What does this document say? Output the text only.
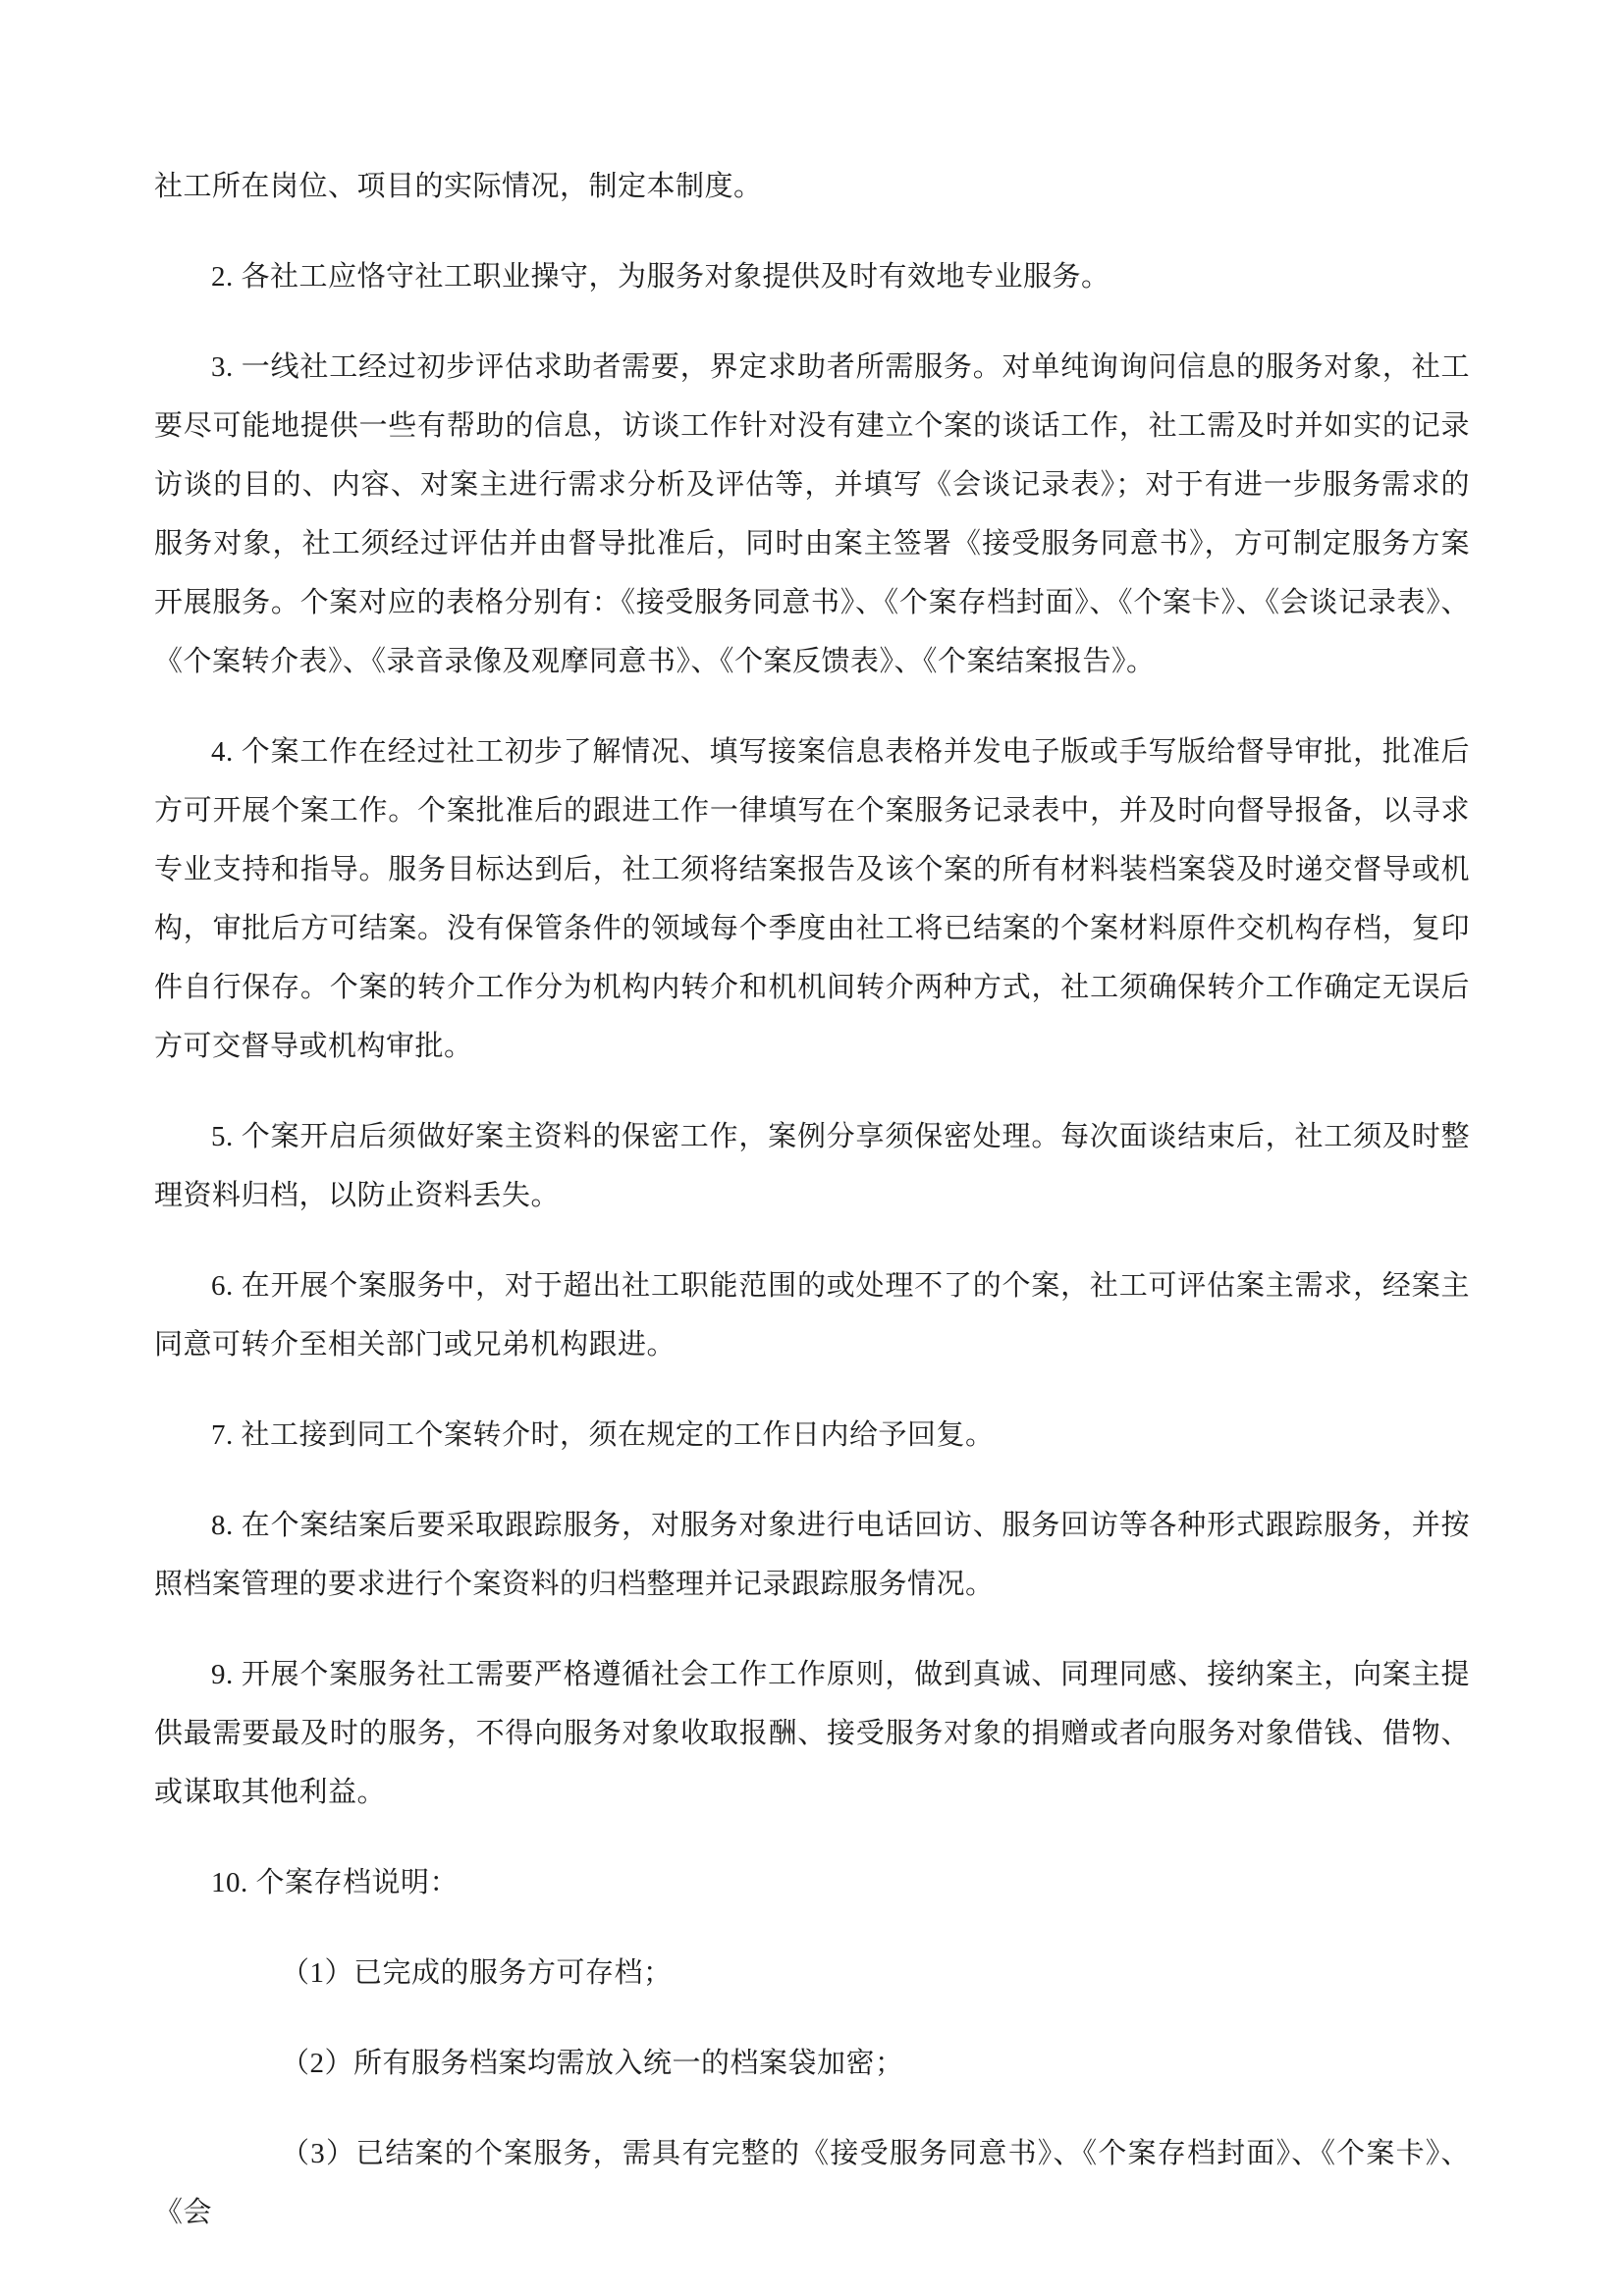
社工所在岗位、项目的实际情况，制定本制度。

2. 各社工应恪守社工职业操守，为服务对象提供及时有效地专业服务。

3. 一线社工经过初步评估求助者需要，界定求助者所需服务。对单纯询询问信息的服务对象，社工要尽可能地提供一些有帮助的信息，访谈工作针对没有建立个案的谈话工作，社工需及时并如实的记录访谈的目的、内容、对案主进行需求分析及评估等，并填写《会谈记录表》；对于有进一步服务需求的服务对象，社工须经过评估并由督导批准后，同时由案主签署《接受服务同意书》，方可制定服务方案开展服务。个案对应的表格分别有：《接受服务同意书》、《个案存档封面》、《个案卡》、《会谈记录表》、《个案转介表》、《录音录像及观摩同意书》、《个案反馈表》、《个案结案报告》。

4. 个案工作在经过社工初步了解情况、填写接案信息表格并发电子版或手写版给督导审批，批准后方可开展个案工作。个案批准后的跟进工作一律填写在个案服务记录表中，并及时向督导报备，以寻求专业支持和指导。服务目标达到后，社工须将结案报告及该个案的所有材料装档案袋及时递交督导或机构，审批后方可结案。没有保管条件的领域每个季度由社工将已结案的个案材料原件交机构存档，复印件自行保存。个案的转介工作分为机构内转介和机机间转介两种方式，社工须确保转介工作确定无误后方可交督导或机构审批。

5. 个案开启后须做好案主资料的保密工作，案例分享须保密处理。每次面谈结束后，社工须及时整理资料归档，以防止资料丢失。

6. 在开展个案服务中，对于超出社工职能范围的或处理不了的个案，社工可评估案主需求，经案主同意可转介至相关部门或兄弟机构跟进。

7. 社工接到同工个案转介时，须在规定的工作日内给予回复。

8. 在个案结案后要采取跟踪服务，对服务对象进行电话回访、服务回访等各种形式跟踪服务，并按照档案管理的要求进行个案资料的归档整理并记录跟踪服务情况。

9. 开展个案服务社工需要严格遵循社会工作工作原则，做到真诚、同理同感、接纳案主，向案主提供最需要最及时的服务，不得向服务对象收取报酬、接受服务对象的捐赠或者向服务对象借钱、借物、或谋取其他利益。

10. 个案存档说明：

（1）已完成的服务方可存档；

（2）所有服务档案均需放入统一的档案袋加密；

（3）已结案的个案服务，需具有完整的《接受服务同意书》、《个案存档封面》、《个案卡》、《会
